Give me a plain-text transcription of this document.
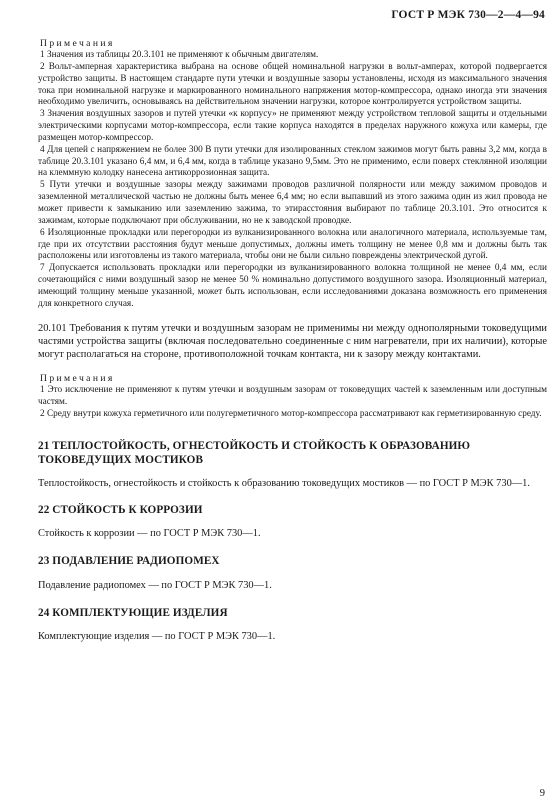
ГОСТ Р МЭК 730—2—4—94

Примечания

1 Значения из таблицы 20.3.101 не применяют к обычным двигателям.

2 Вольт-амперная характеристика выбрана на основе общей номинальной нагрузки в вольт-амперах, которой подвергается устройство защиты. В настоящем стандарте пути утечки и воздушные зазоры установлены, исходя из максимального значения тока при номинальной нагрузке и маркированного номинального напряжения мотор-компрессора, однако иногда эти значения необходимо увеличить, основываясь на действительном значении нагрузки, которое контролируется устройством защиты.

3 Значения воздушных зазоров и путей утечки «к корпусу» не применяют между устройством тепловой защиты и отдельными электрическими корпусами мотор-компрессора, если такие корпуса находятся в пределах наружного кожуха или камеры, где размещен мотор-компрессор.

4 Для цепей с напряжением не более 300 В пути утечки для изолированных стеклом зажимов могут быть равны 3,2 мм, когда в таблице 20.3.101 указано 6,4 мм, и 6,4 мм, когда в таблице указано 9,5мм. Это не применимо, если поверх стеклянной изоляции на клеммную колодку нанесена антикоррозионная защита.

5 Пути утечки и воздушные зазоры между зажимами проводов различной полярности или между зажимом проводов и заземленной металлической частью не должны быть менее 6,4 мм; но если выпавший из этого зажима один из жил провода не может привести к замыканию или заземлению зажима, то этирасстояния выбирают по таблице 20.3.101. Это относится к зажимам, которые подключают при обслуживании, но не к заводской проводке.

6 Изоляционные прокладки или перегородки из вулканизированного волокна или аналогичного материала, используемые там, где при их отсутствии расстояния будут меньше допустимых, должны иметь толщину не менее 0,8 мм и должны быть так расположены или изготовлены из такого материала, чтобы они не были сильно повреждены электрической дугой.

7 Допускается использовать прокладки или перегородки из вулканизированного волокна толщиной не менее 0,4 мм, если сочетающийся с ними воздушный зазор не менее 50 % номинально допустимого воздушного зазора. Изоляционный материал, имеющий толщину меньше указанной, может быть использован, если исследованиями доказана возможность его применения для конкретного случая.

20.101 Требования к путям утечки и воздушным зазорам не применимы ни между однополярными токоведущими частями устройства защиты (включая последовательно соединенные с ним нагреватели, при их наличии), которые могут располагаться на стороне, противоположной точкам контакта, ни к зазору между контактами.

Примечания

1 Это исключение не применяют к путям утечки и воздушным зазорам от токоведущих частей к заземленным или доступным частям.

2 Среду внутри кожуха герметичного или полугерметичного мотор-компрессора рассматривают как герметизированную среду.

21 ТЕПЛОСТОЙКОСТЬ, ОГНЕСТОЙКОСТЬ И СТОЙКОСТЬ К ОБРАЗОВАНИЮ ТОКОВЕДУЩИХ МОСТИКОВ

Теплостойкость, огнестойкость и стойкость к образованию токоведущих мостиков — по ГОСТ Р МЭК 730—1.

22 СТОЙКОСТЬ К КОРРОЗИИ

Стойкость к коррозии — по ГОСТ Р МЭК 730—1.

23 ПОДАВЛЕНИЕ РАДИОПОМЕХ

Подавление радиопомех — по ГОСТ Р МЭК 730—1.

24 КОМПЛЕКТУЮЩИЕ ИЗДЕЛИЯ

Комплектующие изделия — по ГОСТ Р МЭК 730—1.

9
